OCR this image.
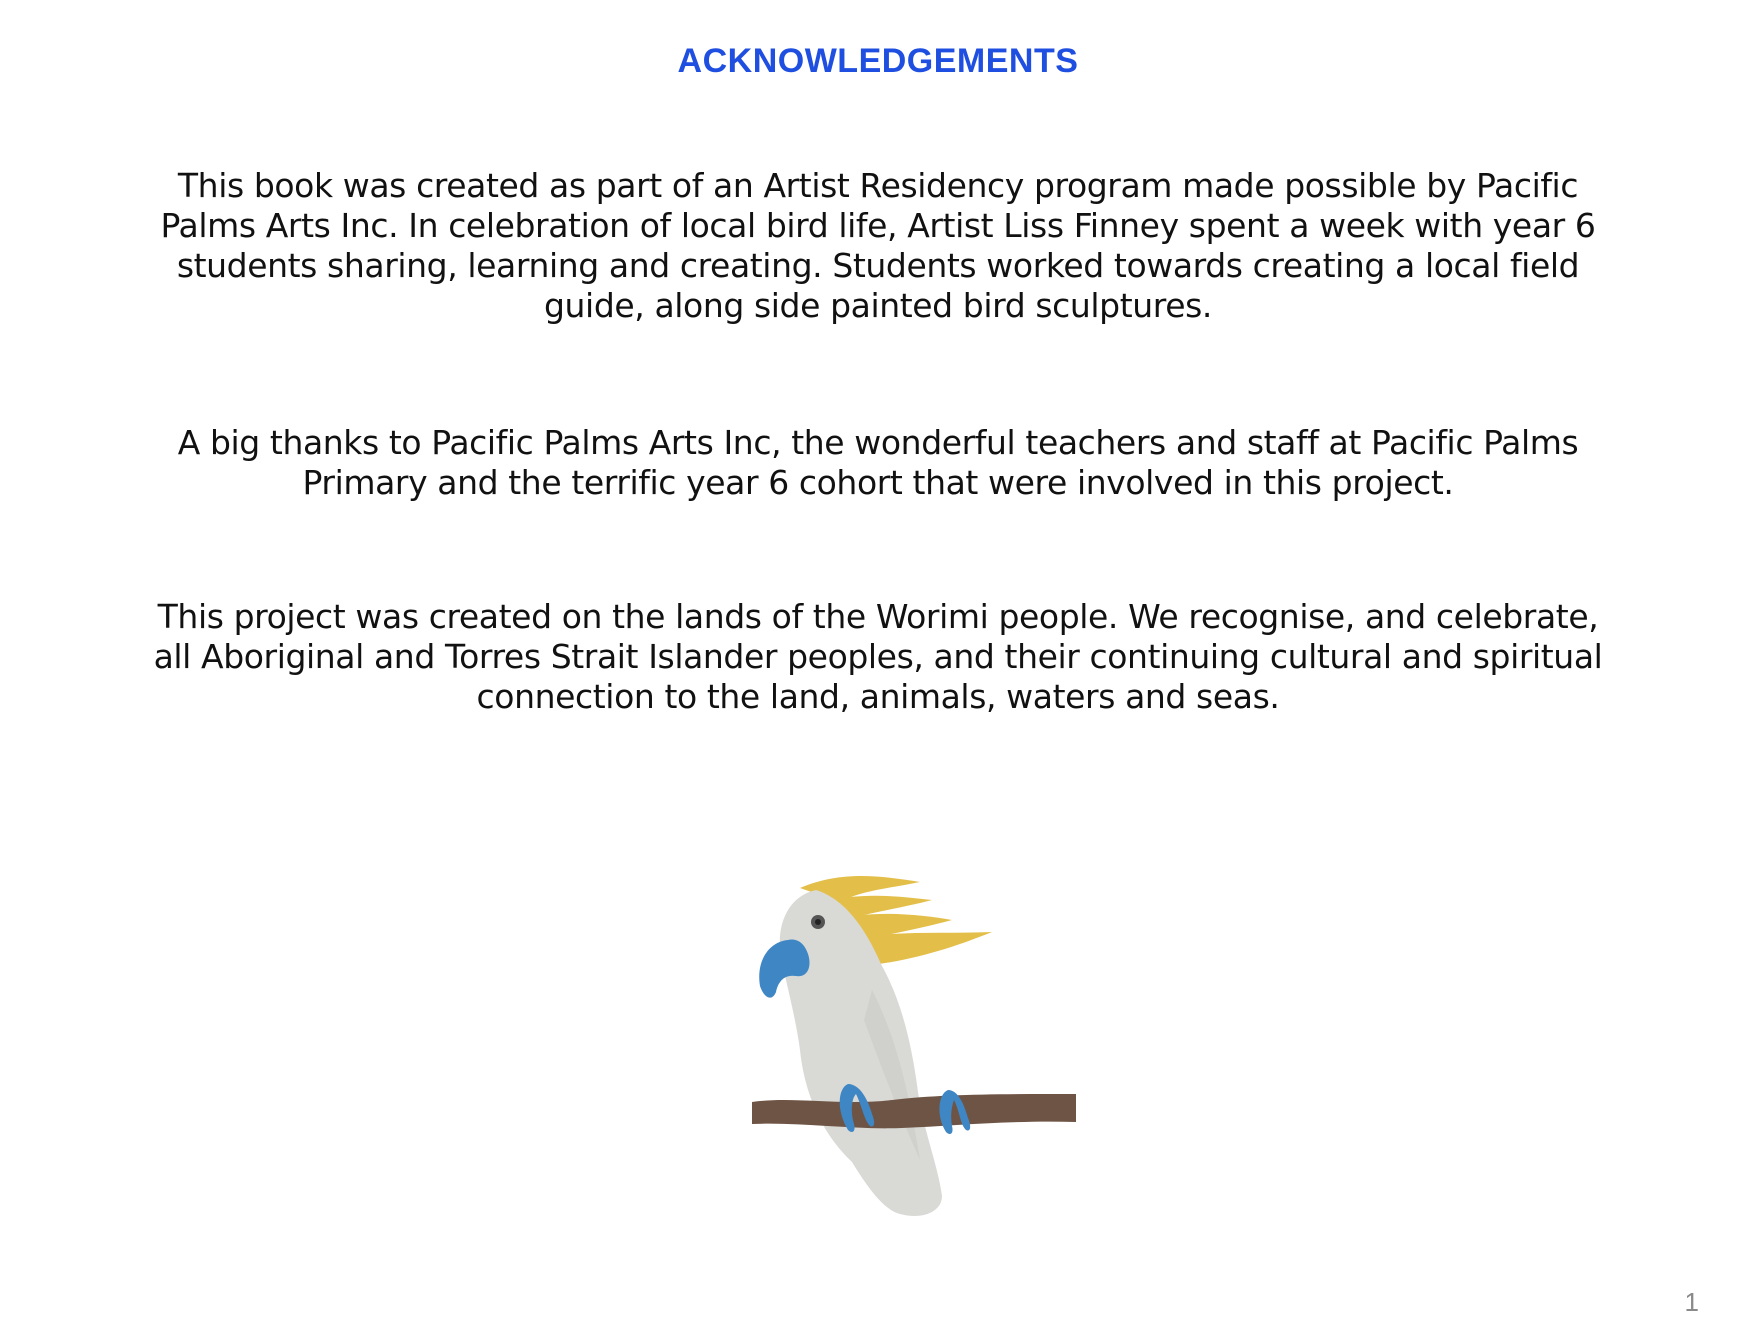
ACKNOWLEDGEMENTS

This book was created as part of an Artist Residency program made possible by Pacific

Palms Arts Inc. In celebration of local bird life, Artist Liss Finney spent a week with year 6

students sharing, learning and creating. Students worked towards creating a local field

guide, along side painted bird sculptures.

A big thanks to Pacific Palms Arts Inc, the wonderful teachers and staff at Pacific Palms

Primary and the terrific year 6 cohort that were involved in this project.

This project was created on the lands of the Worimi people. We recognise, and celebrate,

all Aboriginal and Torres Strait Islander peoples, and their continuing cultural and spiritual

connection to the land, animals, waters and seas.

1
